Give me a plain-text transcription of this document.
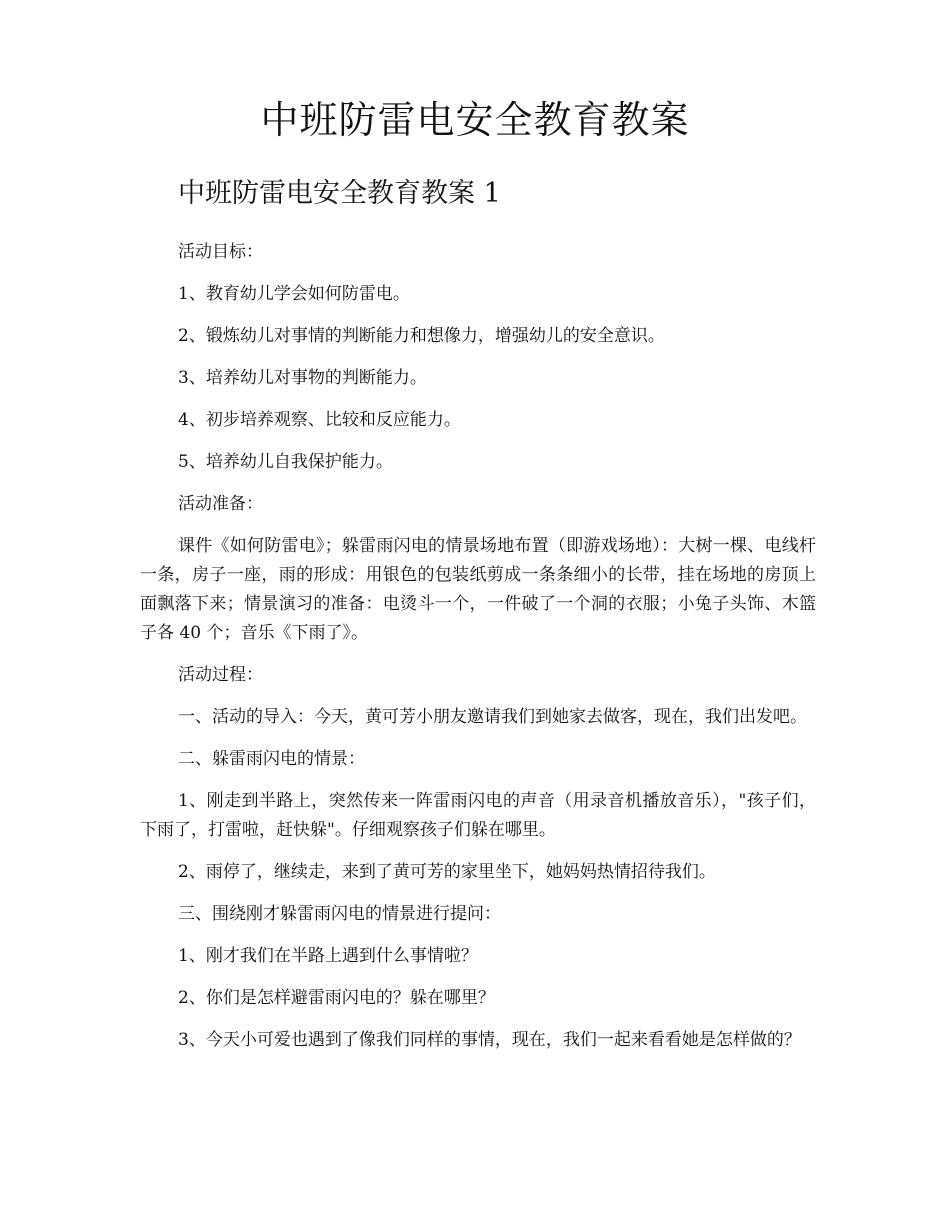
中班防雷电安全教育教案
中班防雷电安全教育教案 1

活动目标：

1、教育幼儿学会如何防雷电。

2、锻炼幼儿对事情的判断能力和想像力，增强幼儿的安全意识。

3、培养幼儿对事物的判断能力。

4、初步培养观察、比较和反应能力。

5、培养幼儿自我保护能力。

活动准备：

课件《如何防雷电》；躲雷雨闪电的情景场地布置（即游戏场地）：大树一棵、电线杆一条，房子一座，雨的形成：用银色的包装纸剪成一条条细小的长带，挂在场地的房顶上面飘落下来；情景演习的准备：电烫斗一个，一件破了一个洞的衣服；小兔子头饰、木篮子各 40 个；音乐《下雨了》。

活动过程：

一、活动的导入：今天，黄可芳小朋友邀请我们到她家去做客，现在，我们出发吧。

二、躲雷雨闪电的情景：

1、刚走到半路上，突然传来一阵雷雨闪电的声音（用录音机播放音乐），"孩子们，下雨了，打雷啦，赶快躲"。仔细观察孩子们躲在哪里。

2、雨停了，继续走，来到了黄可芳的家里坐下，她妈妈热情招待我们。

三、围绕刚才躲雷雨闪电的情景进行提问：

1、刚才我们在半路上遇到什么事情啦？

2、你们是怎样避雷雨闪电的？躲在哪里？

3、今天小可爱也遇到了像我们同样的事情，现在，我们一起来看看她是怎样做的？
